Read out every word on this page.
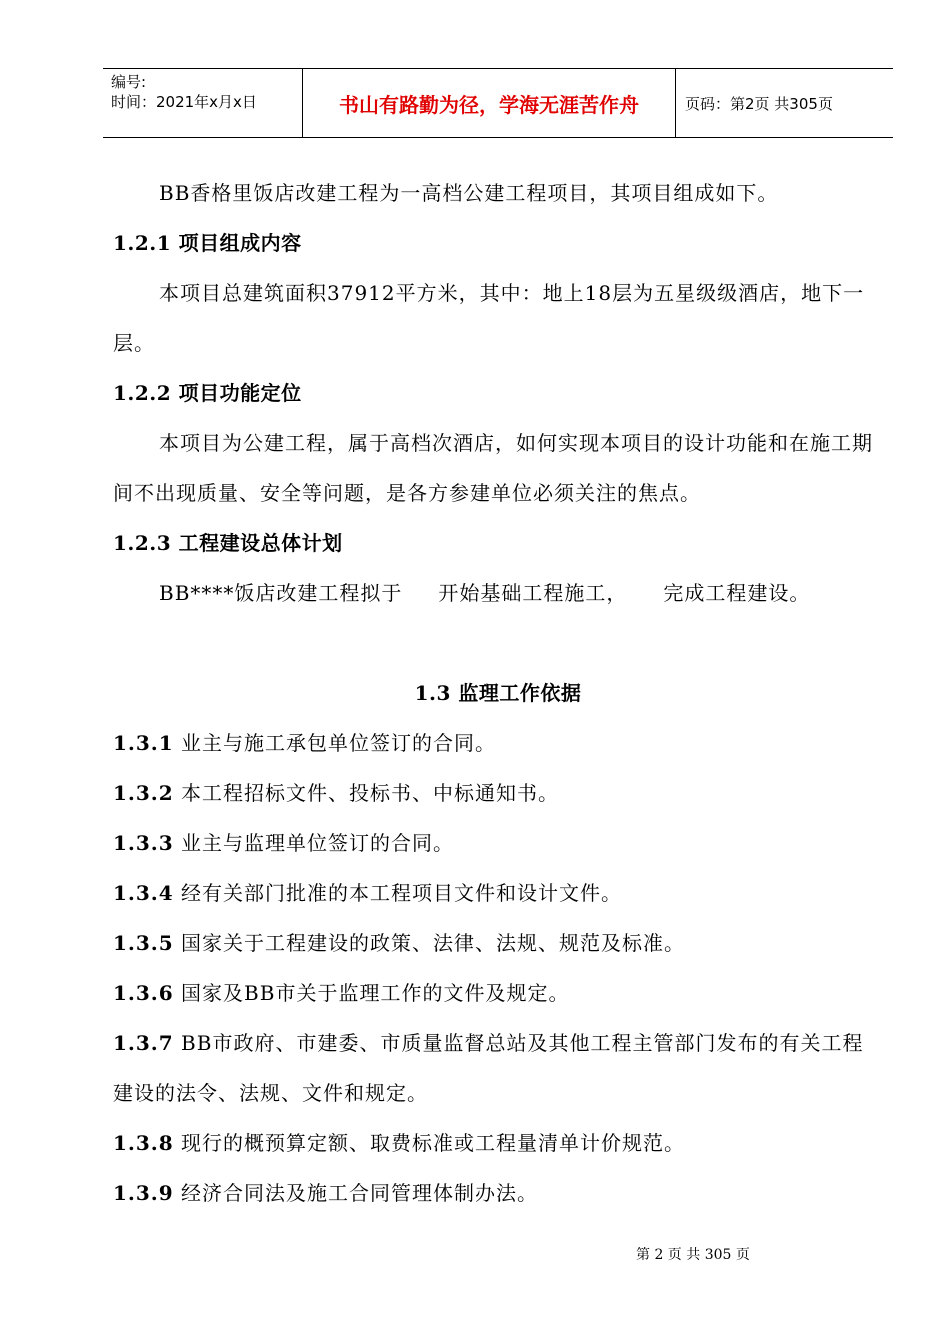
编号:
时间：2021年x月x日	书山有路勤为径，学海无涯苦作舟	页码：第2页 共305页

BB香格里饭店改建工程为一高档公建工程项目，其项目组成如下。

1.2.1 项目组成内容

本项目总建筑面积37912平方米，其中：地上18层为五星级级酒店，地下一层。

1.2.2 项目功能定位

本项目为公建工程，属于高档次酒店，如何实现本项目的设计功能和在施工期间不出现质量、安全等问题，是各方参建单位必须关注的焦点。

1.2.3 工程建设总体计划

BB****饭店改建工程拟于 开始基础工程施工， 完成工程建设。

1.3 监理工作依据

1.3.1 业主与施工承包单位签订的合同。

1.3.2 本工程招标文件、投标书、中标通知书。

1.3.3 业主与监理单位签订的合同。

1.3.4 经有关部门批准的本工程项目文件和设计文件。

1.3.5 国家关于工程建设的政策、法律、法规、规范及标准。

1.3.6 国家及BB市关于监理工作的文件及规定。

1.3.7 BB市政府、市建委、市质量监督总站及其他工程主管部门发布的有关工程建设的法令、法规、文件和规定。

1.3.8 现行的概预算定额、取费标准或工程量清单计价规范。

1.3.9 经济合同法及施工合同管理体制办法。

第 2 页 共 305 页
